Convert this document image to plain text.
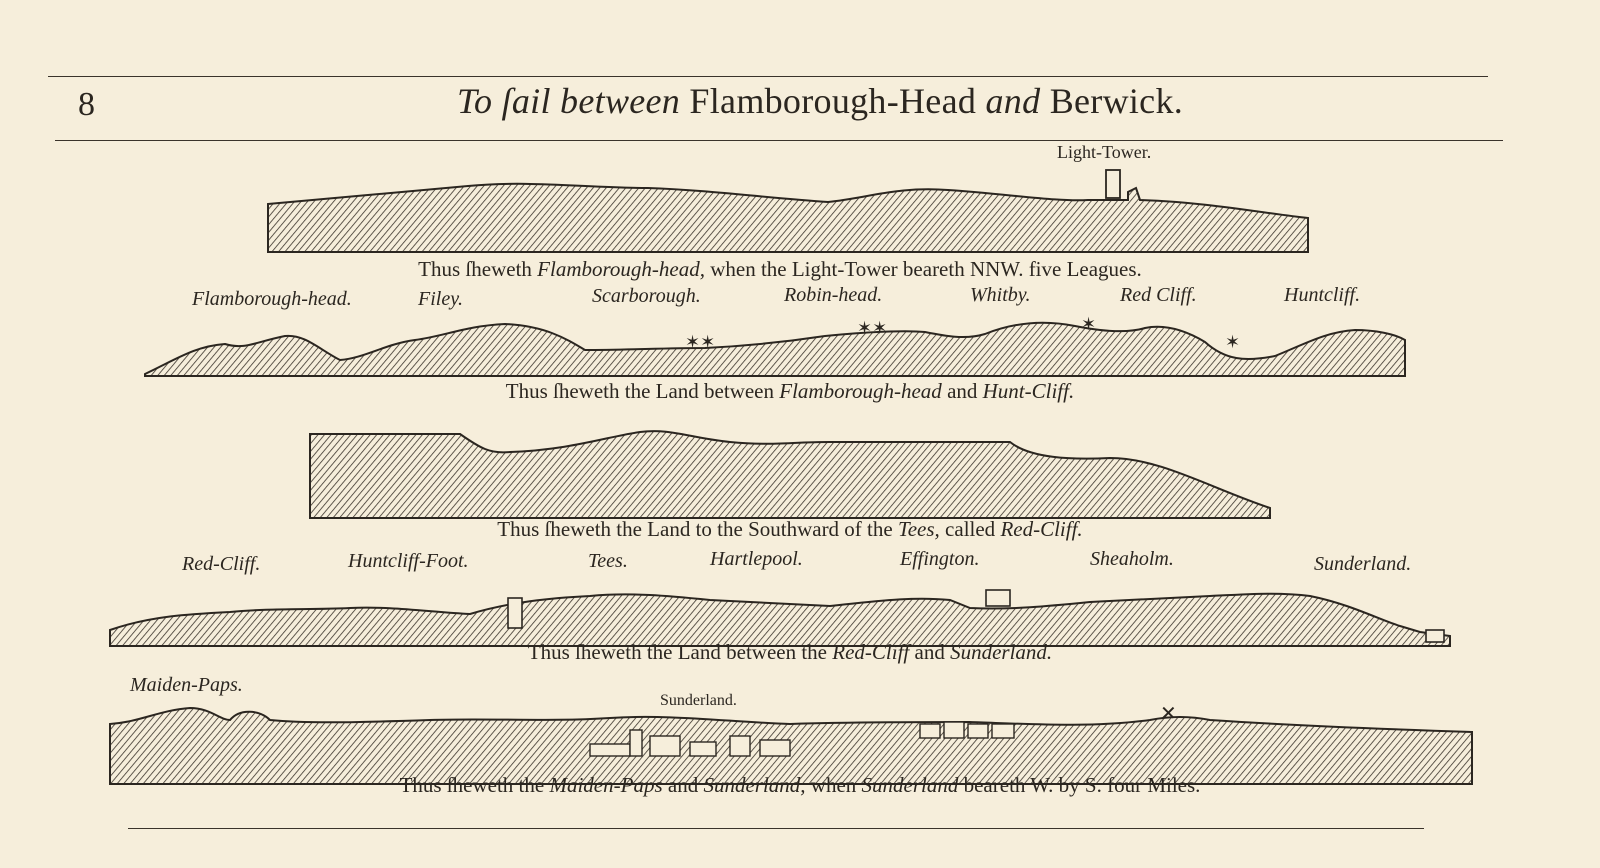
8	To ſail between Flamborough-Head and Berwick.
Light-Tower.
Thus ſheweth Flamborough-head, when the Light-Tower beareth NNW. five Leagues.
Flamborough-head.	Filey.	Scarborough.	Robin-head.	Whitby.	Red Cliff.	Huntcliff.
✶✶
✶✶	✶
✶
Thus ſheweth the Land between Flamborough-head and Hunt-Cliff.
Thus ſheweth the Land to the Southward of the Tees, called Red-Cliff.
Red-Cliff.	Huntcliff-Foot.	Tees.	Hartlepool.	Effington.	Sheaholm.	Sunderland.
Thus ſheweth the Land between the Red-Cliff and Sunderland.
Maiden-Paps.
Sunderland.
✕
Thus ſheweth the Maiden-Paps and Sunderland, when Sunderland beareth W. by S. four Miles.
